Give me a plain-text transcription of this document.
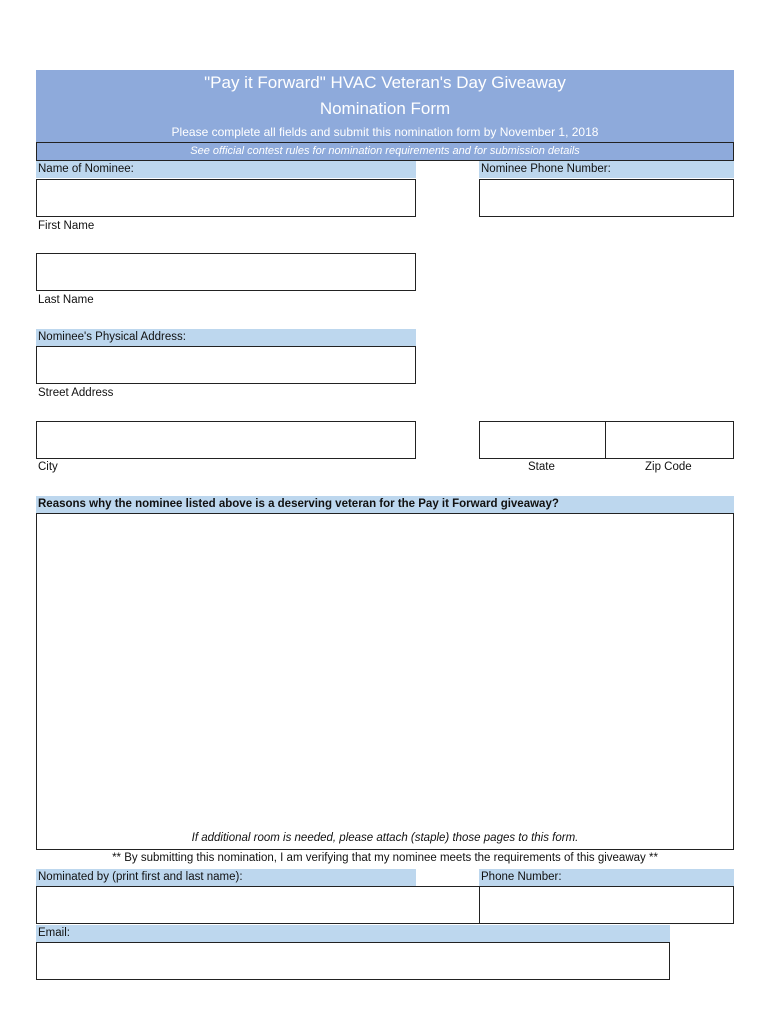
"Pay it Forward" HVAC Veteran's Day Giveaway
Nomination Form
Please complete all fields and submit this nomination form by November 1, 2018
See official contest rules for nomination requirements and for submission details
Name of Nominee:	Nominee Phone Number:
First Name
Last Name
Nominee's Physical Address:
Street Address
City	State	Zip Code
Reasons why the nominee listed above is a deserving veteran for the Pay it Forward giveaway?
If additional room is needed, please attach (staple) those pages to this form.
** By submitting this nomination, I am verifying that my nominee meets the requirements of this giveaway **
Nominated by (print first and last name):	Phone Number:
Email:
